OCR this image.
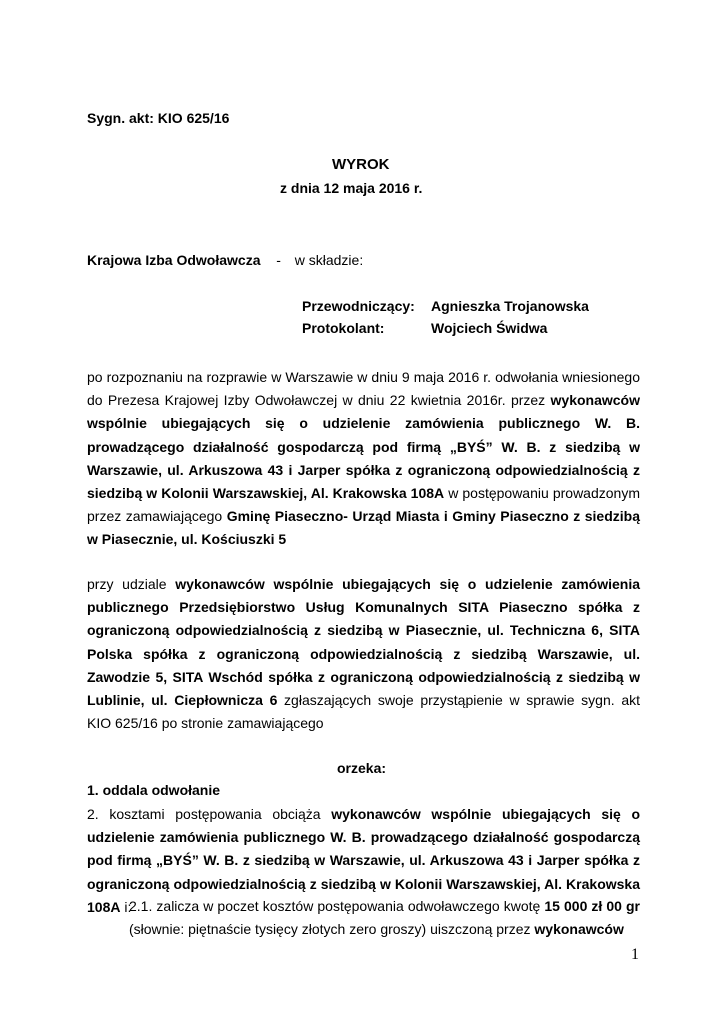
Sygn. akt: KIO 625/16
WYROK
z dnia 12 maja 2016 r.
Krajowa Izba Odwoławcza - w składzie:
Przewodniczący: Agnieszka Trojanowska
Protokolant:	Wojciech Świdwa
po rozpoznaniu na rozprawie w Warszawie w dniu 9 maja 2016 r. odwołania wniesionego do Prezesa Krajowej Izby Odwoławczej w dniu 22 kwietnia 2016r. przez wykonawców wspólnie ubiegających się o udzielenie zamówienia publicznego W. B. prowadzącego działalność gospodarczą pod firmą „BYŚ” W. B. z siedzibą w Warszawie, ul. Arkuszowa 43 i Jarper spółka z ograniczoną odpowiedzialnością z siedzibą w Kolonii Warszawskiej, Al. Krakowska 108A w postępowaniu prowadzonym przez zamawiającego Gminę Piaseczno- Urząd Miasta i Gminy Piaseczno z siedzibą w Piasecznie, ul. Kościuszki 5
przy udziale wykonawców wspólnie ubiegających się o udzielenie zamówienia publicznego Przedsiębiorstwo Usług Komunalnych SITA Piaseczno spółka z ograniczoną odpowiedzialnością z siedzibą w Piasecznie, ul. Techniczna 6, SITA Polska spółka z ograniczoną odpowiedzialnością z siedzibą Warszawie, ul. Zawodzie 5, SITA Wschód spółka z ograniczoną odpowiedzialnością z siedzibą w Lublinie, ul. Ciepłownicza 6 zgłaszających swoje przystąpienie w sprawie sygn. akt KIO 625/16 po stronie zamawiającego
orzeka:
1. oddala odwołanie
2. kosztami postępowania obciąża wykonawców wspólnie ubiegających się o udzielenie zamówienia publicznego W. B. prowadzącego działalność gospodarczą pod firmą „BYŚ” W. B. z siedzibą w Warszawie, ul. Arkuszowa 43 i Jarper spółka z ograniczoną odpowiedzialnością z siedzibą w Kolonii Warszawskiej, Al. Krakowska 108A i:
2.1. zalicza w poczet kosztów postępowania odwoławczego kwotę 15 000 zł 00 gr (słownie: piętnaście tysięcy złotych zero groszy) uiszczoną przez wykonawców
1
